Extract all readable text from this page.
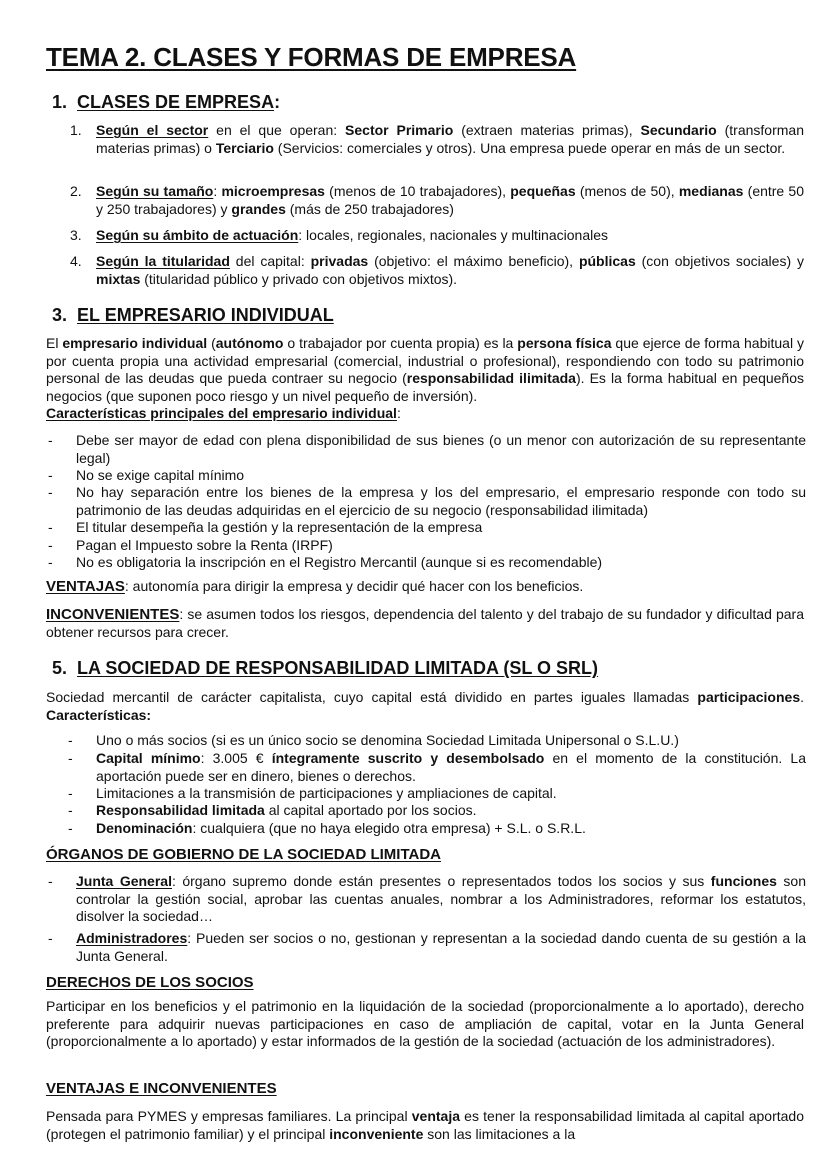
TEMA 2. CLASES Y FORMAS DE EMPRESA
1. CLASES DE EMPRESA:
1.	Según el sector en el que operan: Sector Primario (extraen materias primas), Secundario (transforman materias primas) o Terciario (Servicios: comerciales y otros). Una empresa puede operar en más de un sector.
2.	Según su tamaño: microempresas (menos de 10 trabajadores), pequeñas (menos de 50), medianas (entre 50 y 250 trabajadores) y grandes (más de 250 trabajadores)
3.	Según su ámbito de actuación: locales, regionales, nacionales y multinacionales
4.	Según la titularidad del capital: privadas (objetivo: el máximo beneficio), públicas (con objetivos sociales) y mixtas (titularidad público y privado con objetivos mixtos).
3. EL EMPRESARIO INDIVIDUAL
El empresario individual (autónomo o trabajador por cuenta propia) es la persona física que ejerce de forma habitual y por cuenta propia una actividad empresarial (comercial, industrial o profesional), respondiendo con todo su patrimonio personal de las deudas que pueda contraer su negocio (responsabilidad ilimitada). Es la forma habitual en pequeños negocios (que suponen poco riesgo y un nivel pequeño de inversión).
Características principales del empresario individual:
- Debe ser mayor de edad con plena disponibilidad de sus bienes (o un menor con autorización de su representante legal)
- No se exige capital mínimo
- No hay separación entre los bienes de la empresa y los del empresario, el empresario responde con todo su patrimonio de las deudas adquiridas en el ejercicio de su negocio (responsabilidad ilimitada)
- El titular desempeña la gestión y la representación de la empresa
- Pagan el Impuesto sobre la Renta (IRPF)
- No es obligatoria la inscripción en el Registro Mercantil (aunque si es recomendable)
VENTAJAS: autonomía para dirigir la empresa y decidir qué hacer con los beneficios.
INCONVENIENTES: se asumen todos los riesgos, dependencia del talento y del trabajo de su fundador y dificultad para obtener recursos para crecer.
5. LA SOCIEDAD DE RESPONSABILIDAD LIMITADA (SL O SRL)
Sociedad mercantil de carácter capitalista, cuyo capital está dividido en partes iguales llamadas participaciones. Características:
- Uno o más socios (si es un único socio se denomina Sociedad Limitada Unipersonal o S.L.U.)
- Capital mínimo: 3.005 € íntegramente suscrito y desembolsado en el momento de la constitución. La aportación puede ser en dinero, bienes o derechos.
- Limitaciones a la transmisión de participaciones y ampliaciones de capital.
- Responsabilidad limitada al capital aportado por los socios.
- Denominación: cualquiera (que no haya elegido otra empresa) + S.L. o S.R.L.
ÓRGANOS DE GOBIERNO DE LA SOCIEDAD LIMITADA
- Junta General: órgano supremo donde están presentes o representados todos los socios y sus funciones son controlar la gestión social, aprobar las cuentas anuales, nombrar a los Administradores, reformar los estatutos, disolver la sociedad…
- Administradores: Pueden ser socios o no, gestionan y representan a la sociedad dando cuenta de su gestión a la Junta General.
DERECHOS DE LOS SOCIOS
Participar en los beneficios y el patrimonio en la liquidación de la sociedad (proporcionalmente a lo aportado), derecho preferente para adquirir nuevas participaciones en caso de ampliación de capital, votar en la Junta General (proporcionalmente a lo aportado) y estar informados de la gestión de la sociedad (actuación de los administradores).
VENTAJAS E INCONVENIENTES
Pensada para PYMES y empresas familiares. La principal ventaja es tener la responsabilidad limitada al capital aportado (protegen el patrimonio familiar) y el principal inconveniente son las limitaciones a la
